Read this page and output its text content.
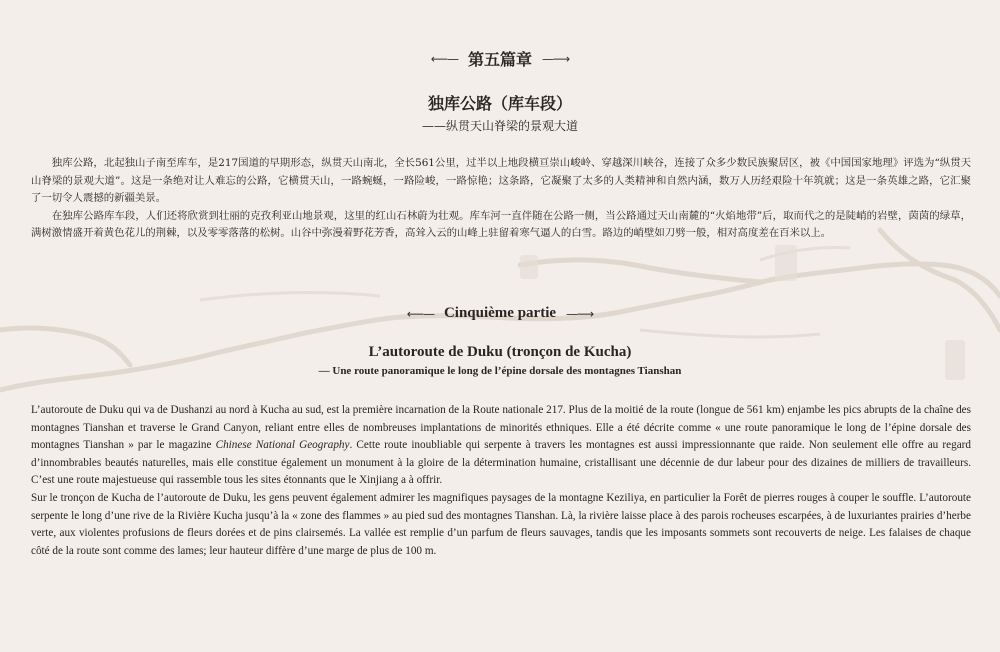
⟵— 第五篇章 —⟶
独库公路（库车段）
——纵贯天山脊梁的景观大道

独库公路，北起独山子南至库车，是217国道的早期形态，纵贯天山南北，全长561公里，过半以上地段横亘崇山峻岭、穿越深川峡谷，连接了众多少数民族聚居区，被《中国国家地理》评选为“纵贯天山脊梁的景观大道”。这是一条绝对让人难忘的公路，它横贯天山，一路蜿蜒，一路险峻，一路惊艳；这条路，它凝聚了太多的人类精神和自然内涵，数万人历经艰险十年筑就；这是一条英雄之路，它汇聚了一切令人震撼的新疆美景。

在独库公路库车段，人们还将欣赏到壮丽的克孜利亚山地景观，这里的红山石林蔚为壮观。库车河一直伴随在公路一侧，当公路通过天山南麓的“火焰地带”后，取而代之的是陡峭的岩壁，茵茵的绿草，满树激情盛开着黄色花儿的荆棘，以及零零落落的松树。山谷中弥漫着野花芳香，高耸入云的山峰上驻留着寒气逼人的白雪。路边的峭壁如刀劈一般，相对高度差在百米以上。

⟵— Cinquième partie —⟶
L’autoroute de Duku (tronçon de Kucha)
— Une route panoramique le long de l’épine dorsale des montagnes Tianshan

L’autoroute de Duku qui va de Dushanzi au nord à Kucha au sud, est la première incarnation de la Route nationale 217. Plus de la moitié de la route (longue de 561 km) enjambe les pics abrupts de la chaîne des montagnes Tianshan et traverse le Grand Canyon, reliant entre elles de nombreuses implantations de minorités ethniques. Elle a été décrite comme « une route panoramique le long de l’épine dorsale des montagnes Tianshan » par le magazine Chinese National Geography. Cette route inoubliable qui serpente à travers les montagnes est aussi impressionnante que raide. Non seulement elle offre au regard d’innombrables beautés naturelles, mais elle constitue également un monument à la gloire de la détermination humaine, cristallisant une décennie de dur labeur pour des dizaines de milliers de travailleurs. C’est une route majestueuse qui rassemble tous les sites étonnants que le Xinjiang a à offrir.

Sur le tronçon de Kucha de l’autoroute de Duku, les gens peuvent également admirer les magnifiques paysages de la montagne Keziliya, en particulier la Forêt de pierres rouges à couper le souffle. L’autoroute serpente le long d’une rive de la Rivière Kucha jusqu’à la « zone des flammes » au pied sud des montagnes Tianshan. Là, la rivière laisse place à des parois rocheuses escarpées, à de luxuriantes prairies d’herbe verte, aux violentes profusions de fleurs dorées et de pins clairsemés. La vallée est remplie d’un parfum de fleurs sauvages, tandis que les imposants sommets sont recouverts de neige. Les falaises de chaque côté de la route sont comme des lames; leur hauteur diffère d’une marge de plus de 100 m.
